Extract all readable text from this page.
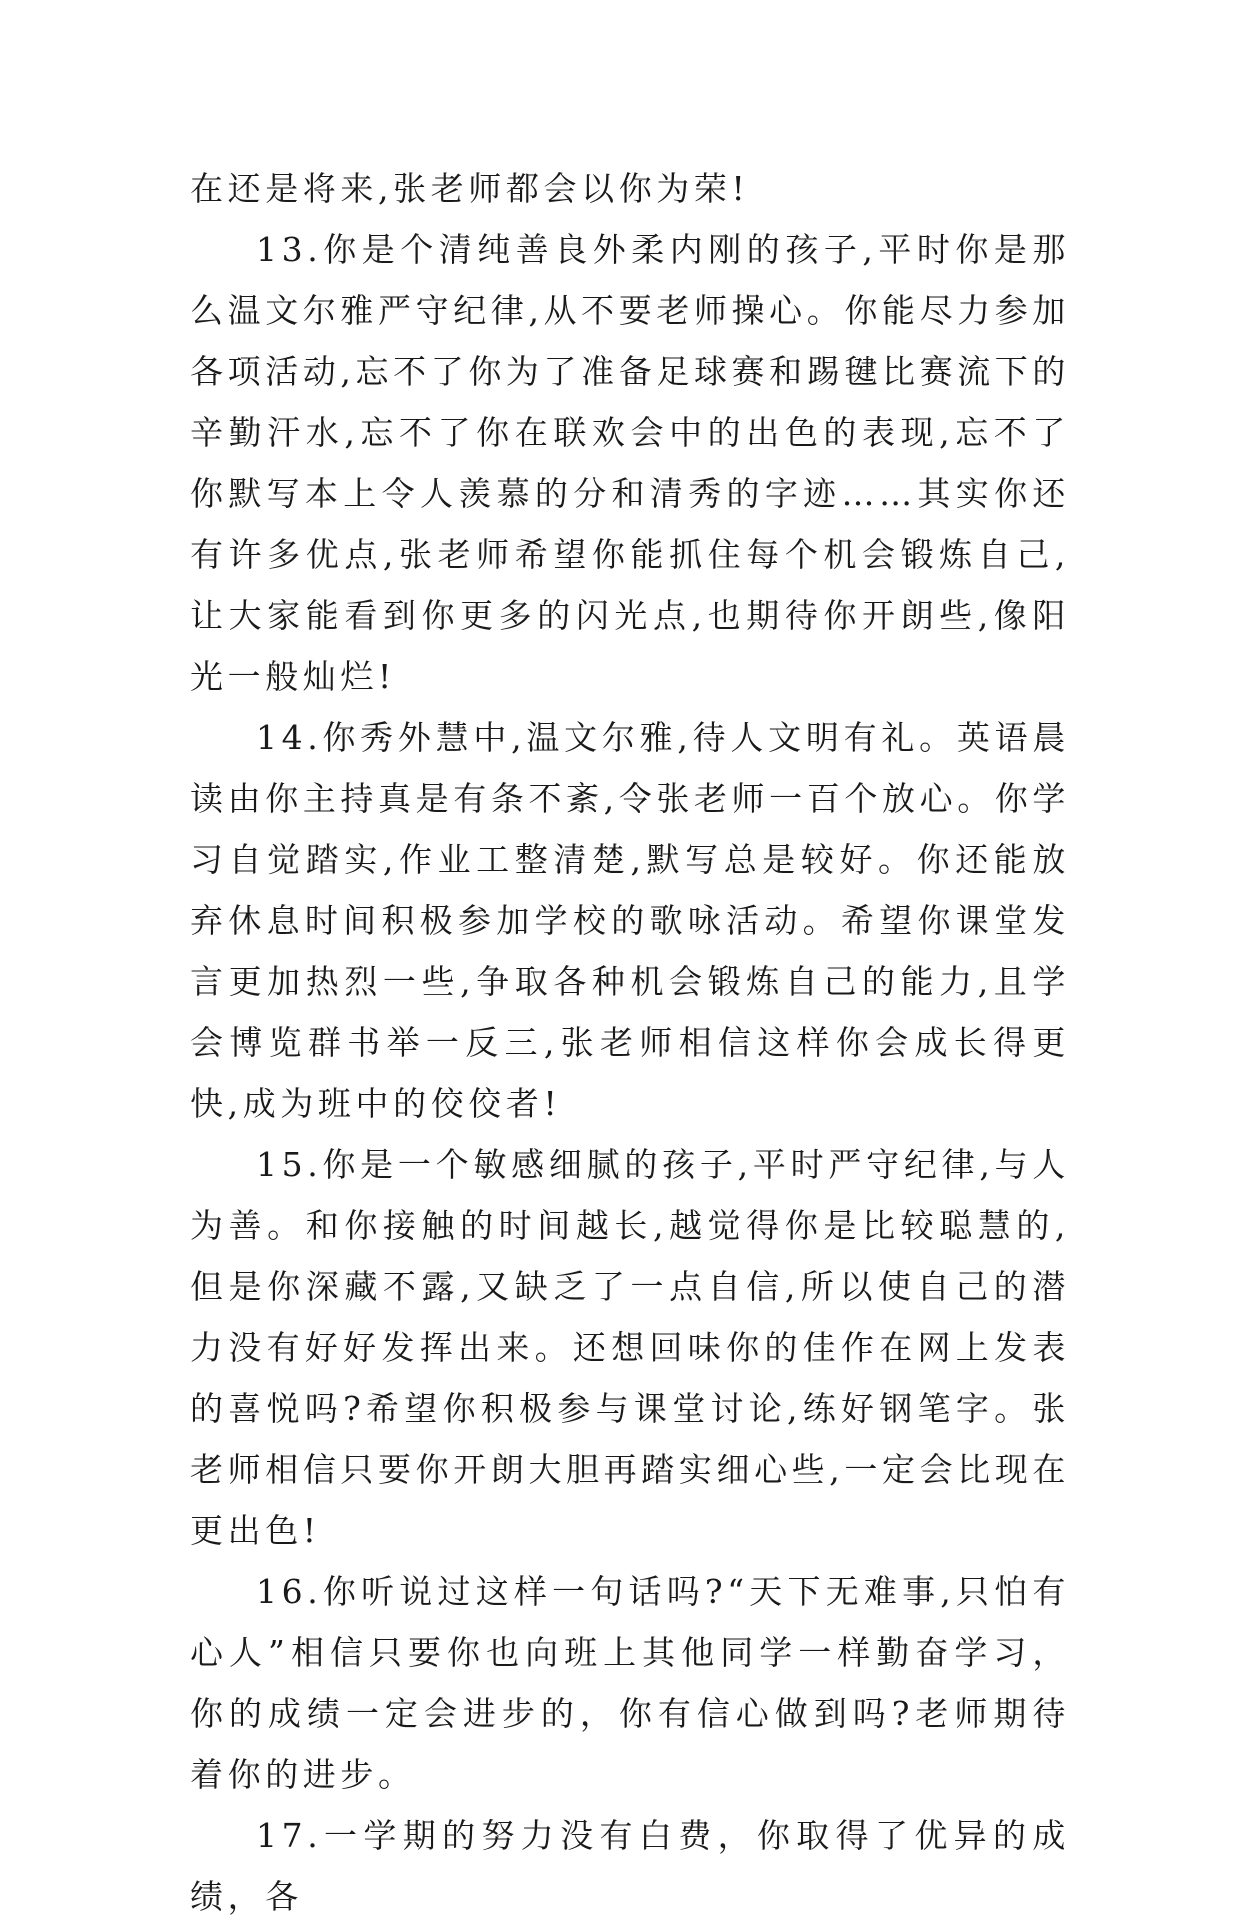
在还是将来,张老师都会以你为荣!

13.你是个清纯善良外柔内刚的孩子,平时你是那么温文尔雅严守纪律,从不要老师操心。你能尽力参加各项活动,忘不了你为了准备足球赛和踢毽比赛流下的辛勤汗水,忘不了你在联欢会中的出色的表现,忘不了你默写本上令人羡慕的分和清秀的字迹……其实你还有许多优点,张老师希望你能抓住每个机会锻炼自己,让大家能看到你更多的闪光点,也期待你开朗些,像阳光一般灿烂!

14.你秀外慧中,温文尔雅,待人文明有礼。英语晨读由你主持真是有条不紊,令张老师一百个放心。你学习自觉踏实,作业工整清楚,默写总是较好。你还能放弃休息时间积极参加学校的歌咏活动。希望你课堂发言更加热烈一些,争取各种机会锻炼自己的能力,且学会博览群书举一反三,张老师相信这样你会成长得更快,成为班中的佼佼者!

15.你是一个敏感细腻的孩子,平时严守纪律,与人为善。和你接触的时间越长,越觉得你是比较聪慧的,但是你深藏不露,又缺乏了一点自信,所以使自己的潜力没有好好发挥出来。还想回味你的佳作在网上发表的喜悦吗?希望你积极参与课堂讨论,练好钢笔字。张老师相信只要你开朗大胆再踏实细心些,一定会比现在更出色!

16.你听说过这样一句话吗?“天下无难事,只怕有心人”相信只要你也向班上其他同学一样勤奋学习，你的成绩一定会进步的，你有信心做到吗?老师期待着你的进步。

17.一学期的努力没有白费，你取得了优异的成绩，各
